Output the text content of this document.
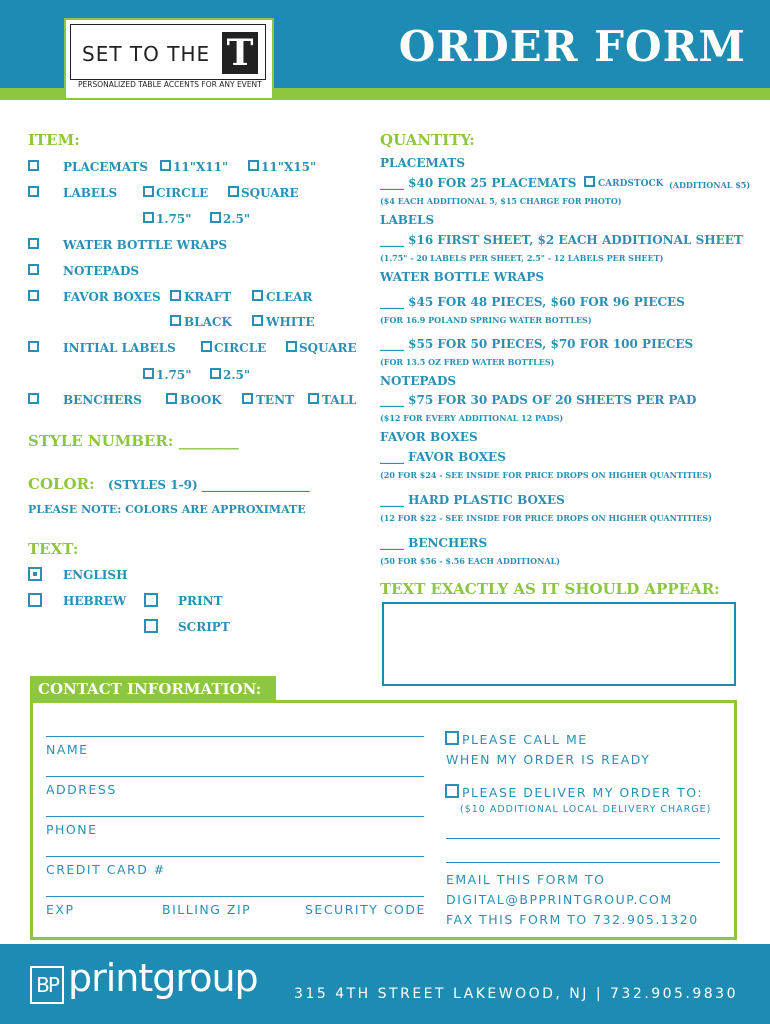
SET TO THE T
PERSONALIZED TABLE ACCENTS FOR ANY EVENT
ORDER FORM
ITEM:
PLACEMATS 11"X11"	11"X15"
LABELS	CIRCLE	SQUARE
1.75"	2.5"
WATER BOTTLE WRAPS
NOTEPADS
FAVOR BOXES KRAFT	CLEAR
BLACK	WHITE
INITIAL LABELS	CIRCLE	SQUARE
1.75"	2.5"
BENCHERS	BOOK	TENT TALL
STYLE NUMBER: ________
COLOR: (STYLES 1-9) __________________
PLEASE NOTE: COLORS ARE APPROXIMATE
TEXT:
ENGLISH
HEBREW	PRINT
SCRIPT
QUANTITY:
PLACEMATS
____ $40 FOR 25 PLACEMATS CARDSTOCK (ADDITIONAL $5)
($4 EACH ADDITIONAL 5, $15 CHARGE FOR PHOTO)
LABELS
____ $16 FIRST SHEET, $2 EACH ADDITIONAL SHEET
(1.75" - 20 LABELS PER SHEET, 2.5" - 12 LABELS PER SHEET)
WATER BOTTLE WRAPS
____ $45 FOR 48 PIECES, $60 FOR 96 PIECES
(FOR 16.9 POLAND SPRING WATER BOTTLES)
____ $55 FOR 50 PIECES, $70 FOR 100 PIECES
(FOR 13.5 OZ FRED WATER BOTTLES)
NOTEPADS
____ $75 FOR 30 PADS OF 20 SHEETS PER PAD
($12 FOR EVERY ADDITIONAL 12 PADS)
FAVOR BOXES
____ FAVOR BOXES
(20 FOR $24 - SEE INSIDE FOR PRICE DROPS ON HIGHER QUANTITIES)
____ HARD PLASTIC BOXES
(12 FOR $22 - SEE INSIDE FOR PRICE DROPS ON HIGHER QUANTITIES)
____ BENCHERS
(50 FOR $56 - $.56 EACH ADDITIONAL)
TEXT EXACTLY AS IT SHOULD APPEAR:
CONTACT INFORMATION:
NAME
ADDRESS
PHONE
CREDIT CARD #
EXP	BILLING ZIP	SECURITY CODE
PLEASE CALL ME
WHEN MY ORDER IS READY
PLEASE DELIVER MY ORDER TO:
($10 ADDITIONAL LOCAL DELIVERY CHARGE)
EMAIL THIS FORM TO
DIGITAL@BPPRINTGROUP.COM
FAX THIS FORM TO 732.905.1320
BP printgroup	315 4TH STREET LAKEWOOD, NJ | 732.905.9830
